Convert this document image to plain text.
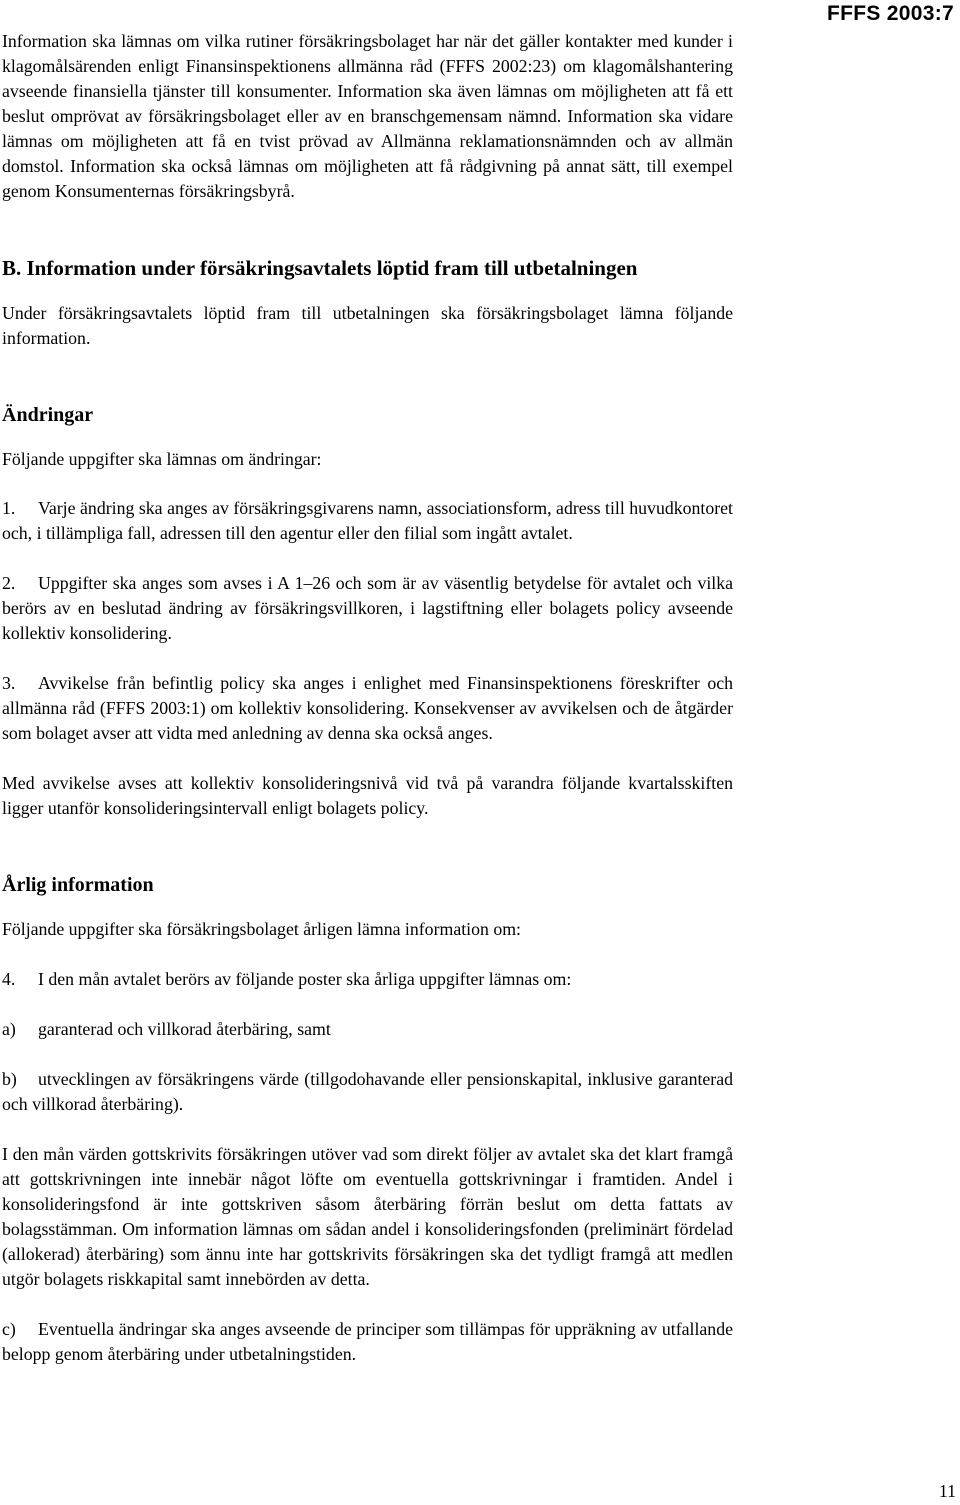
FFFS 2003:7

Information ska lämnas om vilka rutiner försäkringsbolaget har när det gäller kontakter med kunder i klagomålsärenden enligt Finansinspektionens allmänna råd (FFFS 2002:23) om klagomålshantering avseende finansiella tjänster till konsumenter. Information ska även lämnas om möjligheten att få ett beslut omprövat av försäkringsbolaget eller av en branschgemensam nämnd. Information ska vidare lämnas om möjligheten att få en tvist prövad av Allmänna reklamationsnämnden och av allmän domstol. Information ska också lämnas om möjligheten att få rådgivning på annat sätt, till exempel genom Konsumenternas försäkringsbyrå.

B. Information under försäkringsavtalets löptid fram till utbetalningen

Under försäkringsavtalets löptid fram till utbetalningen ska försäkringsbolaget lämna följande information.

Ändringar

Följande uppgifter ska lämnas om ändringar:

1. Varje ändring ska anges av försäkringsgivarens namn, associationsform, adress till huvudkontoret och, i tillämpliga fall, adressen till den agentur eller den filial som ingått avtalet.

2. Uppgifter ska anges som avses i A 1–26 och som är av väsentlig betydelse för avtalet och vilka berörs av en beslutad ändring av försäkringsvillkoren, i lagstiftning eller bolagets policy avseende kollektiv konsolidering.

3. Avvikelse från befintlig policy ska anges i enlighet med Finansinspektionens föreskrifter och allmänna råd (FFFS 2003:1) om kollektiv konsolidering. Konsekvenser av avvikelsen och de åtgärder som bolaget avser att vidta med anledning av denna ska också anges.

Med avvikelse avses att kollektiv konsolideringsnivå vid två på varandra följande kvartalsskiften ligger utanför konsolideringsintervall enligt bolagets policy.

Årlig information

Följande uppgifter ska försäkringsbolaget årligen lämna information om:

4. I den mån avtalet berörs av följande poster ska årliga uppgifter lämnas om:

a) garanterad och villkorad återbäring, samt

b) utvecklingen av försäkringens värde (tillgodohavande eller pensionskapital, inklusive garanterad och villkorad återbäring).

I den mån värden gottskrivits försäkringen utöver vad som direkt följer av avtalet ska det klart framgå att gottskrivningen inte innebär något löfte om eventuella gottskrivningar i framtiden. Andel i konsolideringsfond är inte gottskriven såsom återbäring förrän beslut om detta fattats av bolagsstämman. Om information lämnas om sådan andel i konsolideringsfonden (preliminärt fördelad (allokerad) återbäring) som ännu inte har gottskrivits försäkringen ska det tydligt framgå att medlen utgör bolagets riskkapital samt innebörden av detta.

c) Eventuella ändringar ska anges avseende de principer som tillämpas för uppräkning av utfallande belopp genom återbäring under utbetalningstiden.

11
